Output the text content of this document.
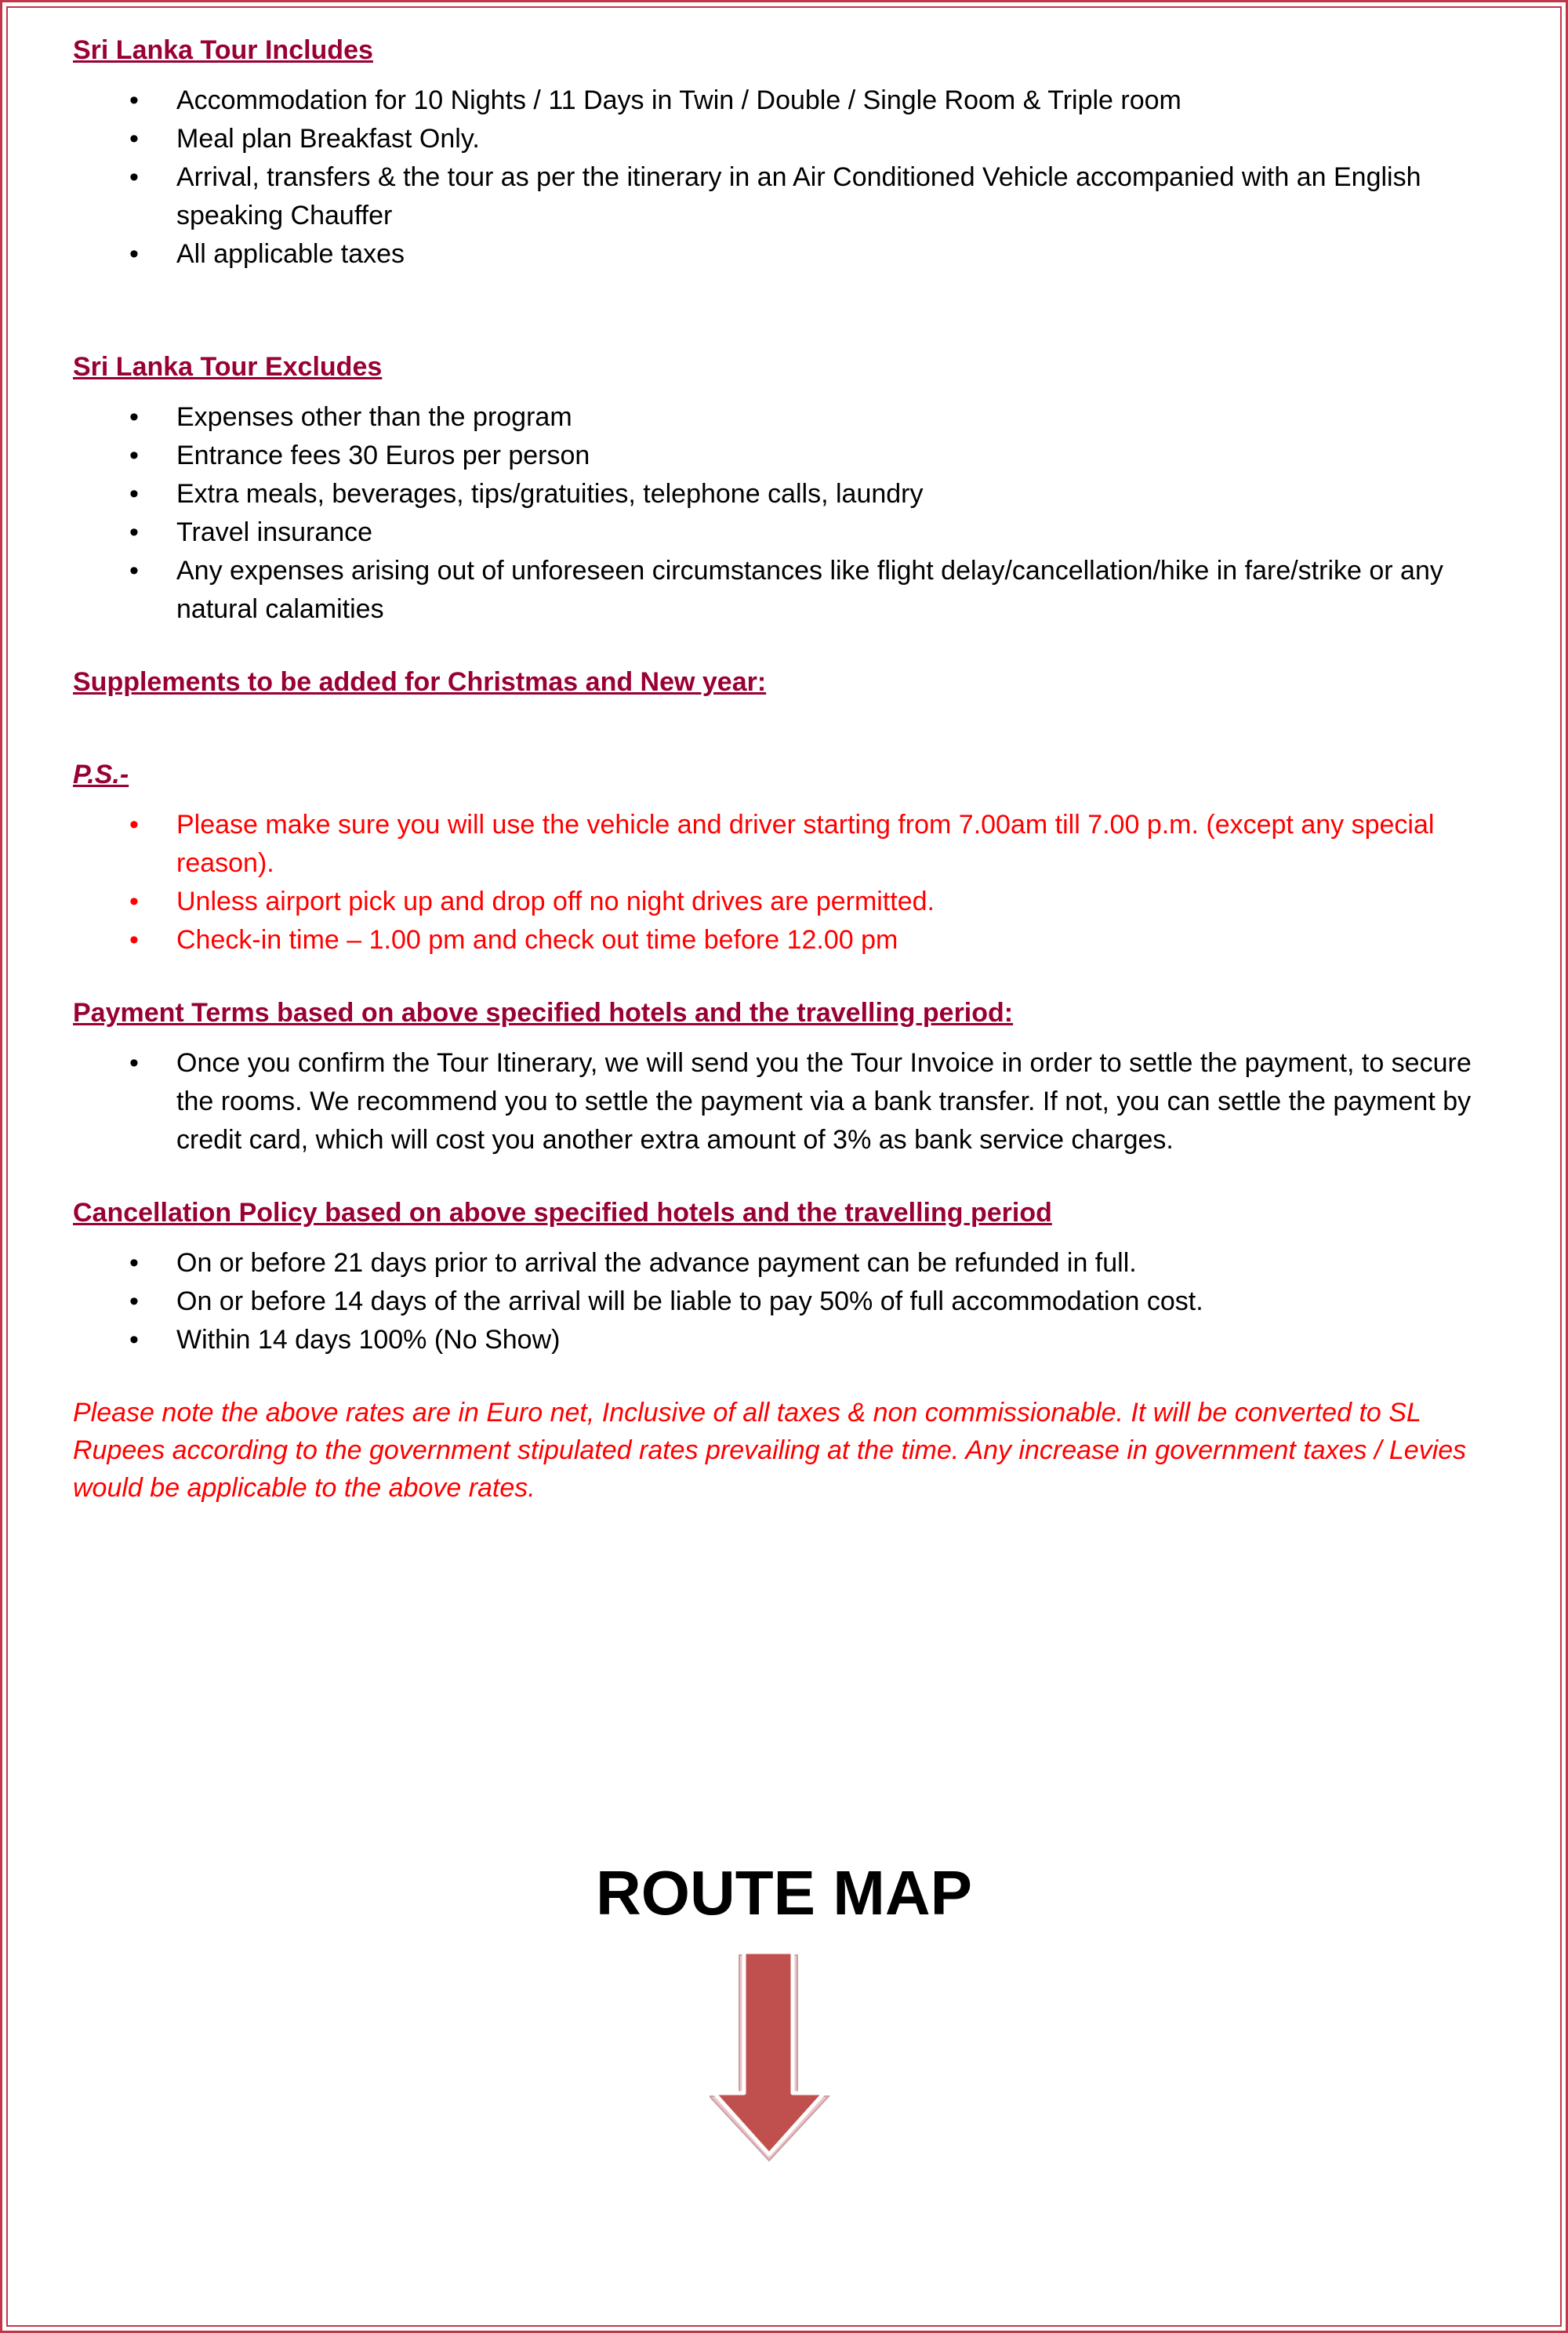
Sri Lanka Tour Includes
• Accommodation for 10 Nights / 11 Days in Twin / Double / Single Room & Triple room
• Meal plan Breakfast Only.
• Arrival, transfers & the tour as per the itinerary in an Air Conditioned Vehicle accompanied with an English speaking Chauffer
• All applicable taxes
Sri Lanka Tour Excludes
• Expenses other than the program
• Entrance fees 30 Euros per person
• Extra meals, beverages, tips/gratuities, telephone calls, laundry
• Travel insurance
• Any expenses arising out of unforeseen circumstances like flight delay/cancellation/hike in fare/strike or any natural calamities
Supplements to be added for Christmas and New year:
P.S.-
• Please make sure you will use the vehicle and driver starting from 7.00am till 7.00 p.m. (except any special reason).
• Unless airport pick up and drop off no night drives are permitted.
• Check-in time – 1.00 pm and check out time before 12.00 pm
Payment Terms based on above specified hotels and the travelling period:
• Once you confirm the Tour Itinerary, we will send you the Tour Invoice in order to settle the payment, to secure the rooms. We recommend you to settle the payment via a bank transfer. If not, you can settle the payment by credit card, which will cost you another extra amount of 3% as bank service charges.
Cancellation Policy based on above specified hotels and the travelling period
• On or before 21 days prior to arrival the advance payment can be refunded in full.
• On or before 14 days of the arrival will be liable to pay 50% of full accommodation cost.
• Within 14 days 100% (No Show)

Please note the above rates are in Euro net, Inclusive of all taxes & non commissionable. It will be converted to SL Rupees according to the government stipulated rates prevailing at the time. Any increase in government taxes / Levies would be applicable to the above rates.

ROUTE MAP
